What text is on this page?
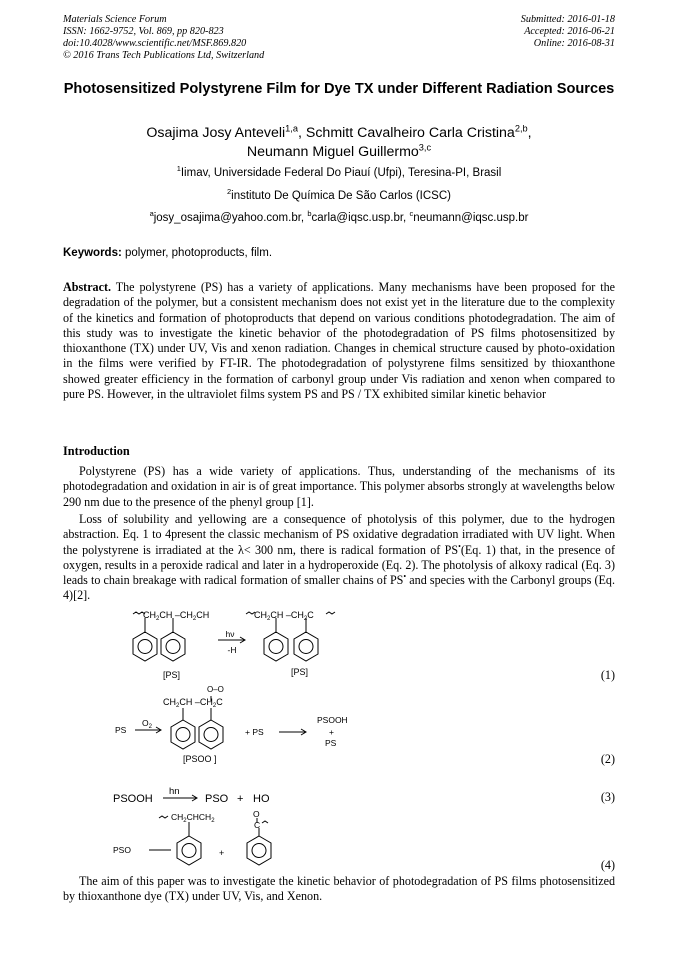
Materials Science Forum
ISSN: 1662-9752, Vol. 869, pp 820-823
doi:10.4028/www.scientific.net/MSF.869.820
© 2016 Trans Tech Publications Ltd, Switzerland
Submitted: 2016-01-18
Accepted: 2016-06-21
Online: 2016-08-31
Photosensitized Polystyrene Film for Dye TX under Different Radiation Sources
Osajima Josy Anteveli$^{1,a}$, Schmitt Cavalheiro Carla Cristina$^{2,b}$,
Neumann Miguel Guillermo$^{3,c}$
$^1$Iimav, Universidade Federal Do Piauí (Ufpi), Teresina-PI, Brasil
$^2$instituto De Química De São Carlos (ICSC)
$^a$josy_osajima@yahoo.com.br, $^b$carla@iqsc.usp.br, $^c$neumann@iqsc.usp.br
Keywords: polymer, photoproducts, film.
Abstract. The polystyrene (PS) has a variety of applications. Many mechanisms have been proposed for the degradation of the polymer, but a consistent mechanism does not exist yet in the literature due to the complexity of the kinetics and formation of photoproducts that depend on various conditions photodegradation. The aim of this study was to investigate the kinetic behavior of the photodegradation of PS films photosensitized by thioxanthone (TX) under UV, Vis and xenon radiation. Changes in chemical structure caused by photo-oxidation in the films were verified by FT-IR. The photodegradation of polystyrene films sensitized by thioxanthone showed greater efficiency in the formation of carbonyl group under Vis radiation and xenon when compared to pure PS. However, in the ultraviolet films system PS and PS / TX exhibited similar kinetic behavior
Introduction
Polystyrene (PS) has a wide variety of applications. Thus, understanding of the mechanisms of its photodegradation and oxidation in air is of great importance. This polymer absorbs strongly at wavelengths below 290 nm due to the presence of the phenyl group [1].
Loss of solubility and yellowing are a consequence of photolysis of this polymer, due to the hydrogen abstraction. Eq. 1 to 4present the classic mechanism of PS oxidative degradation irradiated with UV light. When the polystyrene is irradiated at the λ< 300 nm, there is radical formation of PS•(Eq. 1) that, in the presence of oxygen, results in a peroxide radical and later in a hydroperoxide (Eq. 2). The photolysis of alkoxy radical (Eq. 3) leads to chain breakage with radical formation of smaller chains of PS• and species with the Carbonyl groups (Eq. 4)[2].
$CH_2CH$ $-CH_2CH$
hν
-H
$CH_2CH$ $-CH_2C$
[PS]	[PS]	(1)
O–O
$CH_2CH$ $-CH_2C$
PS
$O_2$	+ PS
PSOOH
+
PS
[PSOO ]	(2)
PSOOH
hn
PSO + HO	(3)
$CH_2CHCH_2$
PSO	+
O
C
(4)
The aim of this paper was to investigate the kinetic behavior of photodegradation of PS films photosensitized by thioxanthone dye (TX) under UV, Vis, and Xenon.
